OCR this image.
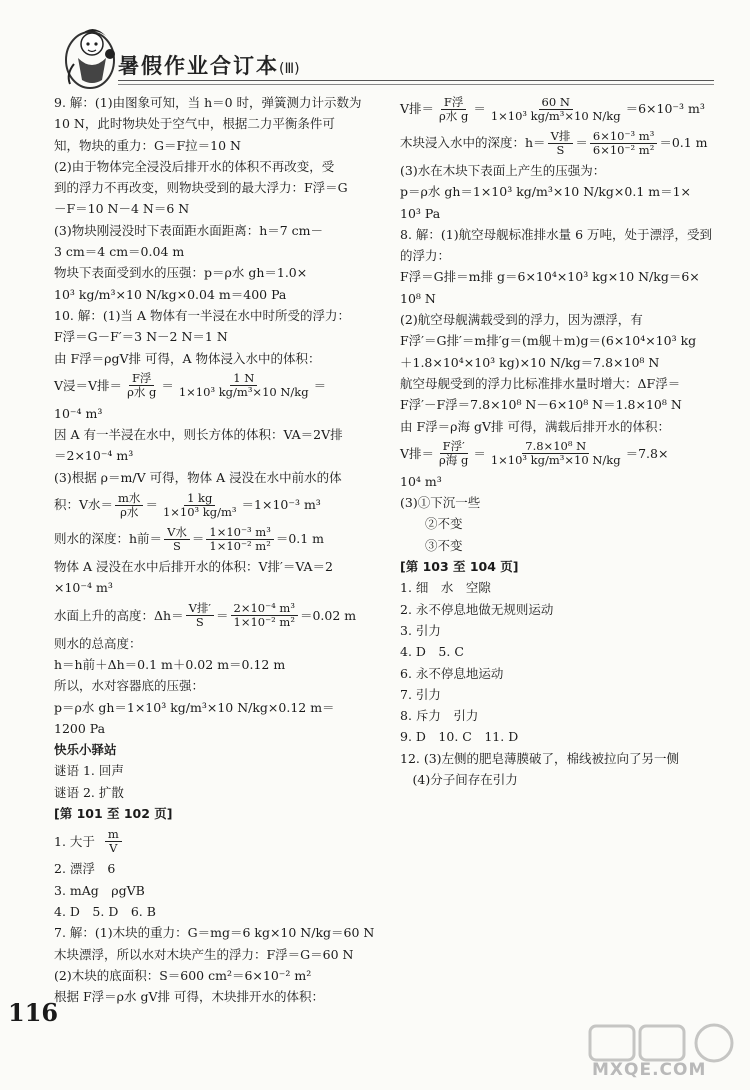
暑假作业合订本(Ⅲ)
9. 解：(1)由图象可知，当 h＝0 时，弹簧测力计示数为
10 N，此时物块处于空气中，根据二力平衡条件可
知，物块的重力：G＝F拉＝10 N
(2)由于物体完全浸没后排开水的体积不再改变，受
到的浮力不再改变，则物块受到的最大浮力：F浮＝G
－F＝10 N－4 N＝6 N
(3)物块刚浸没时下表面距水面距离：h＝7 cm－
3 cm＝4 cm＝0.04 m
物块下表面受到水的压强：p＝ρ水 gh＝1.0×
10³ kg/m³×10 N/kg×0.04 m＝400 Pa
10. 解：(1)当 A 物体有一半浸在水中时所受的浮力：
F浮＝G－F′＝3 N－2 N＝1 N
由 F浮＝ρgV排 可得，A 物体浸入水中的体积：
V浸＝V排＝ $\frac{\text{F浮}}{\text{ρ水 g}} = \frac{1 N}{\text{1×10³ kg/m³×10 N/kg}}$ ＝
10⁻⁴ m³
因 A 有一半浸在水中，则长方体的体积：VA＝2V排
＝2×10⁻⁴ m³
(3)根据 ρ＝m/V 可得，物体 A 浸没在水中前水的体
积：V水＝ $\frac{\text{m水}}{\text{ρ水}} = \frac{1 kg}{\text{1×10³ kg/m³}} =1\times 10^{-3}$ m³
则水的深度：h前＝ $\frac{\text{V水}}{S} = \frac{\text{1×10⁻³ m³}}{\text{1×10⁻² m²}} =0.1$ m
物体 A 浸没在水中后排开水的体积：V排′＝VA＝2
×10⁻⁴ m³
水面上升的高度：$\Delta h= \frac{\text{V排′}}{S} = \frac{\text{2×10⁻⁴ m³}}{\text{1×10⁻² m²}} =0.02$ m
则水的总高度：
h＝h前＋Δh＝0.1 m＋0.02 m＝0.12 m
所以，水对容器底的压强：
p＝ρ水 gh＝1×10³ kg/m³×10 N/kg×0.12 m＝
1200 Pa
快乐小驿站
谜语 1. 回声
谜语 2. 扩散
[第 101 至 102 页]
1. 大于
$\frac{m}{V}$
2. 漂浮　6
3. mAg　ρgVB
4. D　5. D　6. B
7. 解：(1)木块的重力：G＝mg＝6 kg×10 N/kg＝60 N
木块漂浮，所以水对木块产生的浮力：F浮＝G＝60 N
(2)木块的底面积：S＝600 cm²＝6×10⁻² m²
根据 F浮＝ρ水 gV排 可得，木块排开水的体积：
V排＝ $\frac{\text{F浮}}{\text{ρ水 g}} = \frac{60 N}{\text{1×10³ kg/m³×10 N/kg}} =6\times 10^{-3}$ m³
木块浸入水中的深度：$h= \frac{\text{V排}}{S} = \frac{\text{6×10⁻³ m³}}{\text{6×10⁻² m²}} =0.1$ m
(3)水在木块下表面上产生的压强为：
p＝ρ水 gh＝1×10³ kg/m³×10 N/kg×0.1 m＝1×
10³ Pa
8. 解：(1)航空母舰标准排水量 6 万吨，处于漂浮，受到
的浮力：
F浮＝G排＝m排 g＝6×10⁴×10³ kg×10 N/kg＝6×
10⁸ N
(2)航空母舰满载受到的浮力，因为漂浮，有
F浮′＝G排′＝m排′g＝(m舰＋m)g＝(6×10⁴×10³ kg
＋1.8×10⁴×10³ kg)×10 N/kg＝7.8×10⁸ N
航空母舰受到的浮力比标准排水量时增大：ΔF浮＝
F浮′－F浮＝7.8×10⁸ N－6×10⁸ N＝1.8×10⁸ N
由 F浮＝ρ海 gV排 可得，满载后排开水的体积：
V排＝ $\frac{\text{F浮′}}{\text{ρ海 g}} = \frac{\text{7.8×10⁸ N}}{\text{1×10³ kg/m³×10 N/kg}} =7.8\times$
10⁴ m³
(3)①下沉一些
　　②不变
　　③不变
[第 103 至 104 页]
1. 细　水　空隙
2. 永不停息地做无规则运动
3. 引力
4. D　5. C
6. 永不停息地运动
7. 引力
8. 斥力　引力
9. D　10. C　11. D
12. (3)左侧的肥皂薄膜破了，棉线被拉向了另一侧
　(4)分子间存在引力
116
MXQE.COM
